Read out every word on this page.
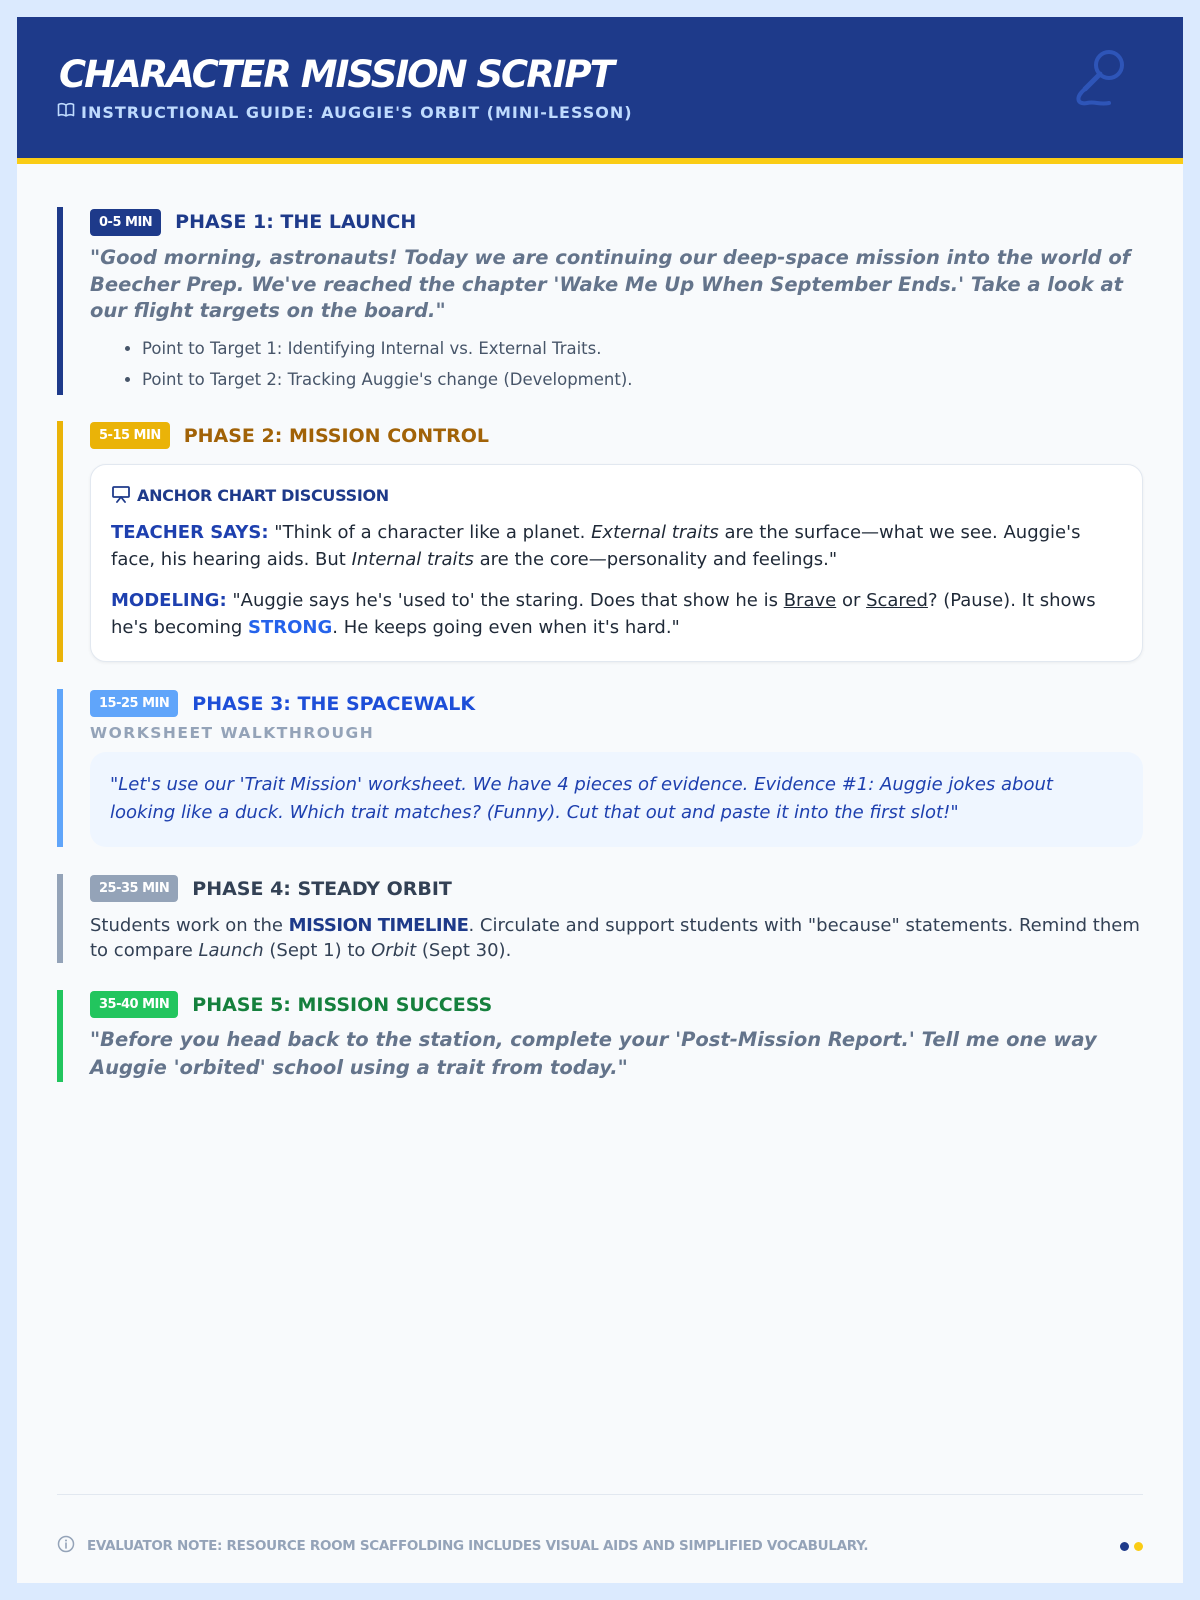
CHARACTER MISSION SCRIPT
INSTRUCTIONAL GUIDE: AUGGIE'S ORBIT (MINI-LESSON)
0-5 MIN	PHASE 1: THE LAUNCH
"Good morning, astronauts! Today we are continuing our deep-space mission into the world of Beecher Prep. We've reached the chapter 'Wake Me Up When September Ends.' Take a look at our flight targets on the board."
• Point to Target 1: Identifying Internal vs. External Traits.
• Point to Target 2: Tracking Auggie's change (Development).
5-15 MIN	PHASE 2: MISSION CONTROL
ANCHOR CHART DISCUSSION

TEACHER SAYS: "Think of a character like a planet. External traits are the surface—what we see. Auggie's face, his hearing aids. But Internal traits are the core—personality and feelings."

MODELING: "Auggie says he's 'used to' the staring. Does that show he is Brave or Scared? (Pause). It shows he's becoming STRONG. He keeps going even when it's hard."

15-25 MIN	PHASE 3: THE SPACEWALK
WORKSHEET WALKTHROUGH
"Let's use our 'Trait Mission' worksheet. We have 4 pieces of evidence. Evidence #1: Auggie jokes about looking like a duck. Which trait matches? (Funny). Cut that out and paste it into the first slot!"
25-35 MIN	PHASE 4: STEADY ORBIT
Students work on the MISSION TIMELINE. Circulate and support students with "because" statements. Remind them to compare Launch (Sept 1) to Orbit (Sept 30).
35-40 MIN	PHASE 5: MISSION SUCCESS
"Before you head back to the station, complete your 'Post-Mission Report.' Tell me one way Auggie 'orbited' school using a trait from today."
EVALUATOR NOTE: RESOURCE ROOM SCAFFOLDING INCLUDES VISUAL AIDS AND SIMPLIFIED VOCABULARY.
